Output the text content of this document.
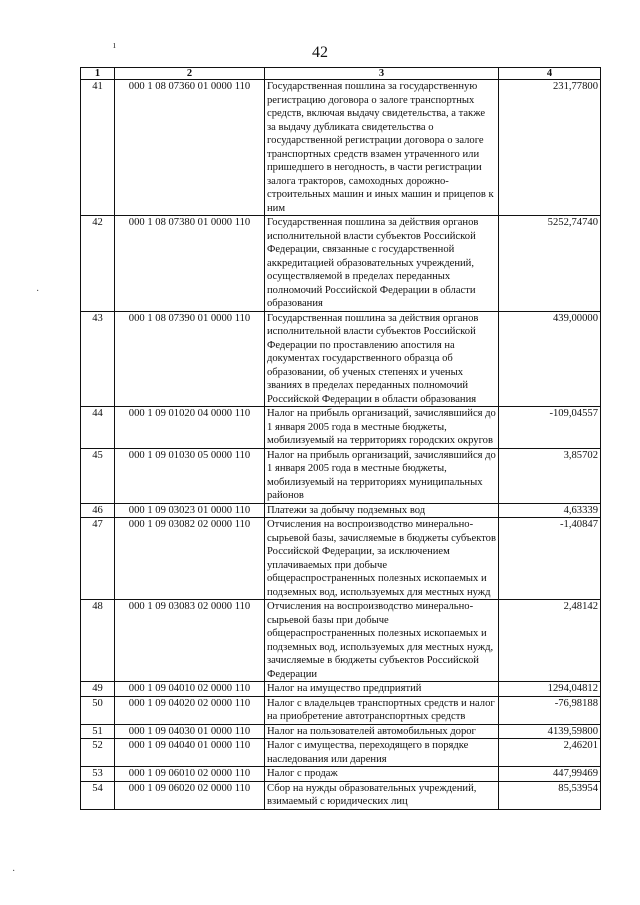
42
ı
·
·
1	2	3	4
41	000 1 08 07360 01 0000 110	Государственная пошлина за государственную регистрацию договора о залоге транспортных средств, включая выдачу свидетельства, а также за выдачу дубликата свидетельства о государственной регистрации договора о залоге транспортных средств взамен утраченного или пришедшего в негодность, в части регистрации залога тракторов, самоходных дорожно-строительных машин и иных машин и прицепов к ним	231,77800
42	000 1 08 07380 01 0000 110	Государственная пошлина за действия органов исполнительной власти субъектов Российской Федерации, связанные с государственной аккредитацией образовательных учреждений, осуществляемой в пределах переданных полномочий Российской Федерации в области образования	5252,74740
43	000 1 08 07390 01 0000 110	Государственная пошлина за действия органов исполнительной власти субъектов Российской Федерации по проставлению апостиля на документах государственного образца об образовании, об ученых степенях и ученых званиях в пределах переданных полномочий Российской Федерации в области образования	439,00000
44	000 1 09 01020 04 0000 110	Налог на прибыль организаций, зачислявшийся до 1 января 2005 года в местные бюджеты, мобилизуемый на территориях городских округов	-109,04557
45	000 1 09 01030 05 0000 110	Налог на прибыль организаций, зачислявшийся до 1 января 2005 года в местные бюджеты, мобилизуемый на территориях муниципальных районов	3,85702
46	000 1 09 03023 01 0000 110	Платежи за добычу подземных вод	4,63339
47	000 1 09 03082 02 0000 110	Отчисления на воспроизводство минерально-сырьевой базы, зачисляемые в бюджеты субъектов Российской Федерации, за исключением уплачиваемых при добыче общераспространенных полезных ископаемых и подземных вод, используемых для местных нужд	-1,40847
48	000 1 09 03083 02 0000 110	Отчисления на воспроизводство минерально-сырьевой базы при добыче общераспространенных полезных ископаемых и подземных вод, используемых для местных нужд, зачисляемые в бюджеты субъектов Российской Федерации	2,48142
49	000 1 09 04010 02 0000 110	Налог на имущество предприятий	1294,04812
50	000 1 09 04020 02 0000 110	Налог с владельцев транспортных средств и налог на приобретение автотранспортных средств	-76,98188
51	000 1 09 04030 01 0000 110	Налог на пользователей автомобильных дорог	4139,59800
52	000 1 09 04040 01 0000 110	Налог с имущества, переходящего в порядке наследования или дарения	2,46201
53	000 1 09 06010 02 0000 110	Налог с продаж	447,99469
54	000 1 09 06020 02 0000 110	Сбор на нужды образовательных учреждений, взимаемый с юридических лиц	85,53954
